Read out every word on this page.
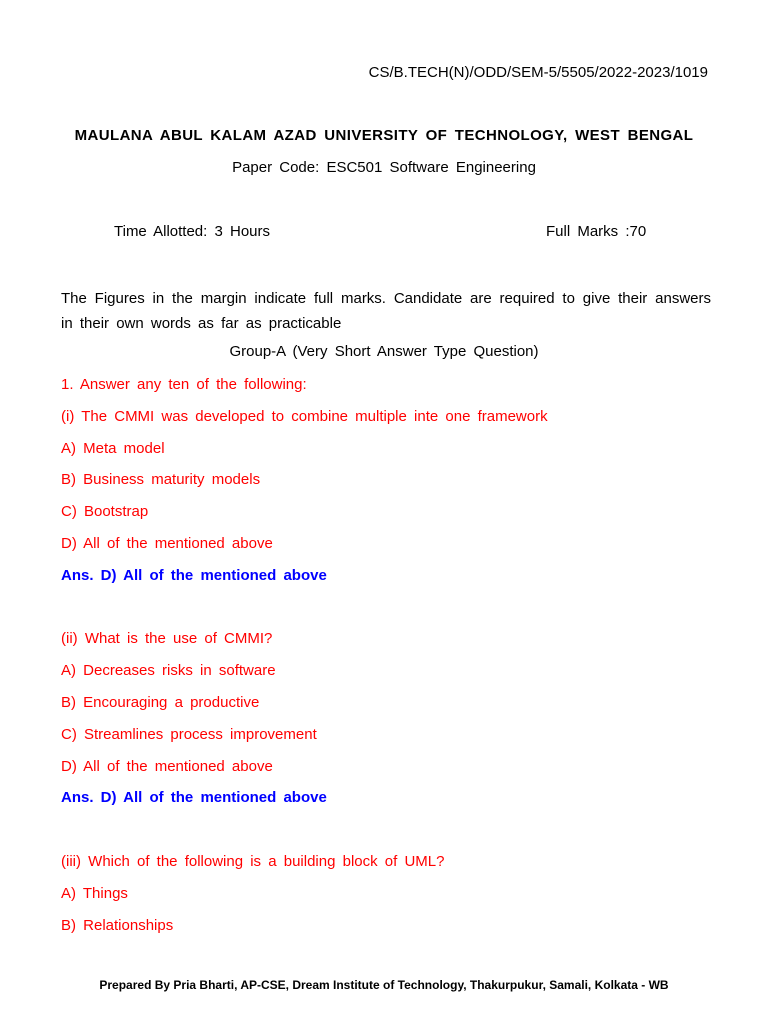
CS/B.TECH(N)/ODD/SEM-5/5505/2022-2023/1019
MAULANA ABUL KALAM AZAD UNIVERSITY OF TECHNOLOGY, WEST BENGAL
Paper Code: ESC501 Software Engineering
Time Allotted: 3 Hours	Full Marks :70
The Figures in the margin indicate full marks. Candidate are required to give their answers in their own words as far as practicable
Group-A (Very Short Answer Type Question)
1. Answer any ten of the following:
(i) The CMMI was developed to combine multiple inte one framework
A) Meta model
B) Business maturity models
C) Bootstrap
D) All of the mentioned above
Ans. D) All of the mentioned above
(ii) What is the use of CMMI?
A) Decreases risks in software
B) Encouraging a productive
C) Streamlines process improvement
D) All of the mentioned above
Ans. D) All of the mentioned above
(iii) Which of the following is a building block of UML?
A) Things
B) Relationships
Prepared By Pria Bharti, AP-CSE, Dream Institute of Technology, Thakurpukur, Samali, Kolkata - WB
